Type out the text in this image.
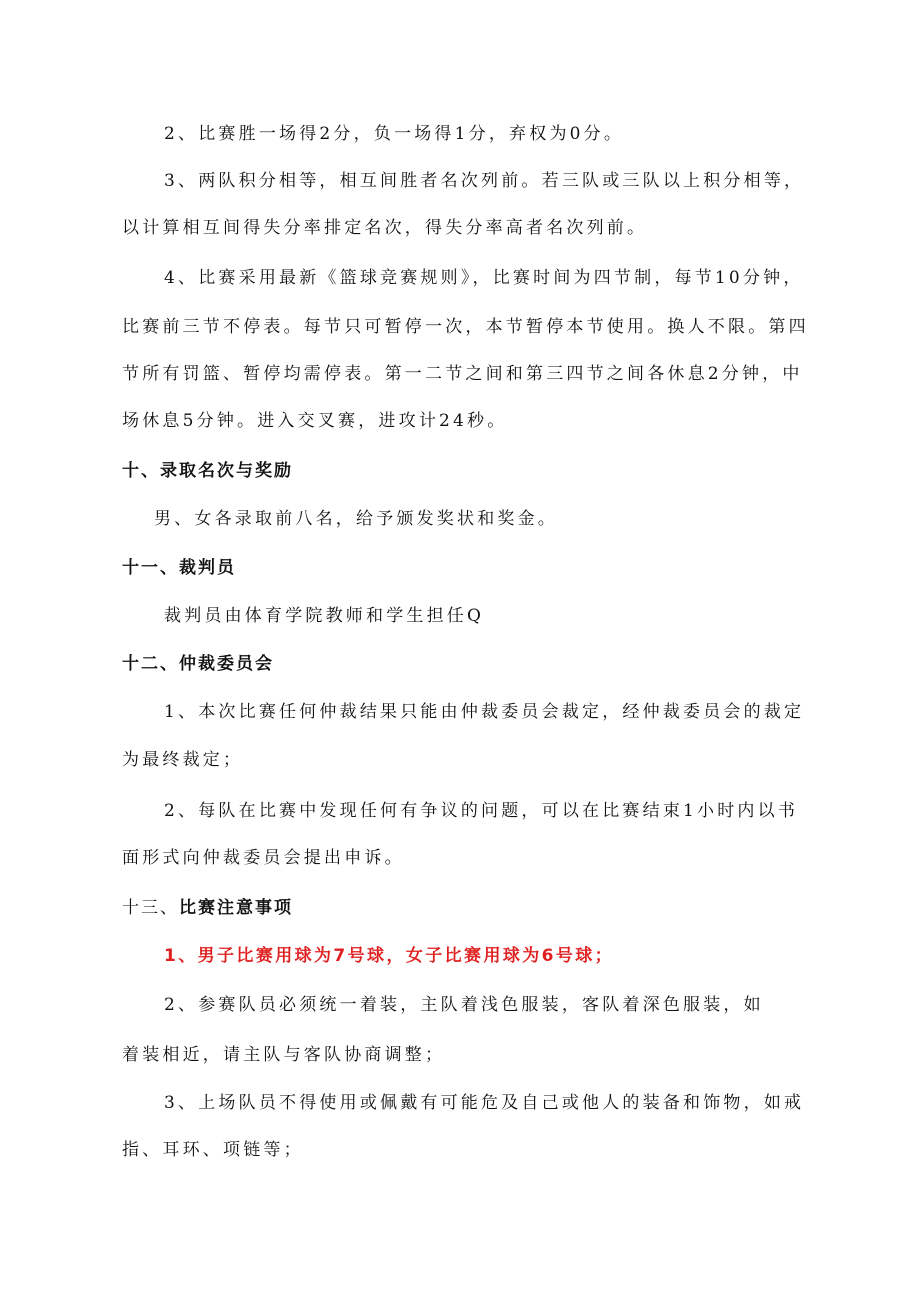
2、比赛胜一场得2分，负一场得1分，弃权为0分。
3、两队积分相等，相互间胜者名次列前。若三队或三队以上积分相等，
以计算相互间得失分率排定名次，得失分率高者名次列前。
4、比赛采用最新《篮球竞赛规则》，比赛时间为四节制，每节10分钟，
比赛前三节不停表。每节只可暂停一次，本节暂停本节使用。换人不限。第四
节所有罚篮、暂停均需停表。第一二节之间和第三四节之间各休息2分钟，中
场休息5分钟。进入交叉赛，进攻计24秒。
十、录取名次与奖励
男、女各录取前八名，给予颁发奖状和奖金。
十一、裁判员
裁判员由体育学院教师和学生担任Q
十二、仲裁委员会
1、本次比赛任何仲裁结果只能由仲裁委员会裁定，经仲裁委员会的裁定
为最终裁定；
2、每队在比赛中发现任何有争议的问题，可以在比赛结束1小时内以书
面形式向仲裁委员会提出申诉。
十三、比赛注意事项
1、男子比赛用球为7号球，女子比赛用球为6号球；
2、参赛队员必须统一着装，主队着浅色服装，客队着深色服装，如
着装相近，请主队与客队协商调整；
3、上场队员不得使用或佩戴有可能危及自己或他人的装备和饰物，如戒
指、耳环、项链等；
